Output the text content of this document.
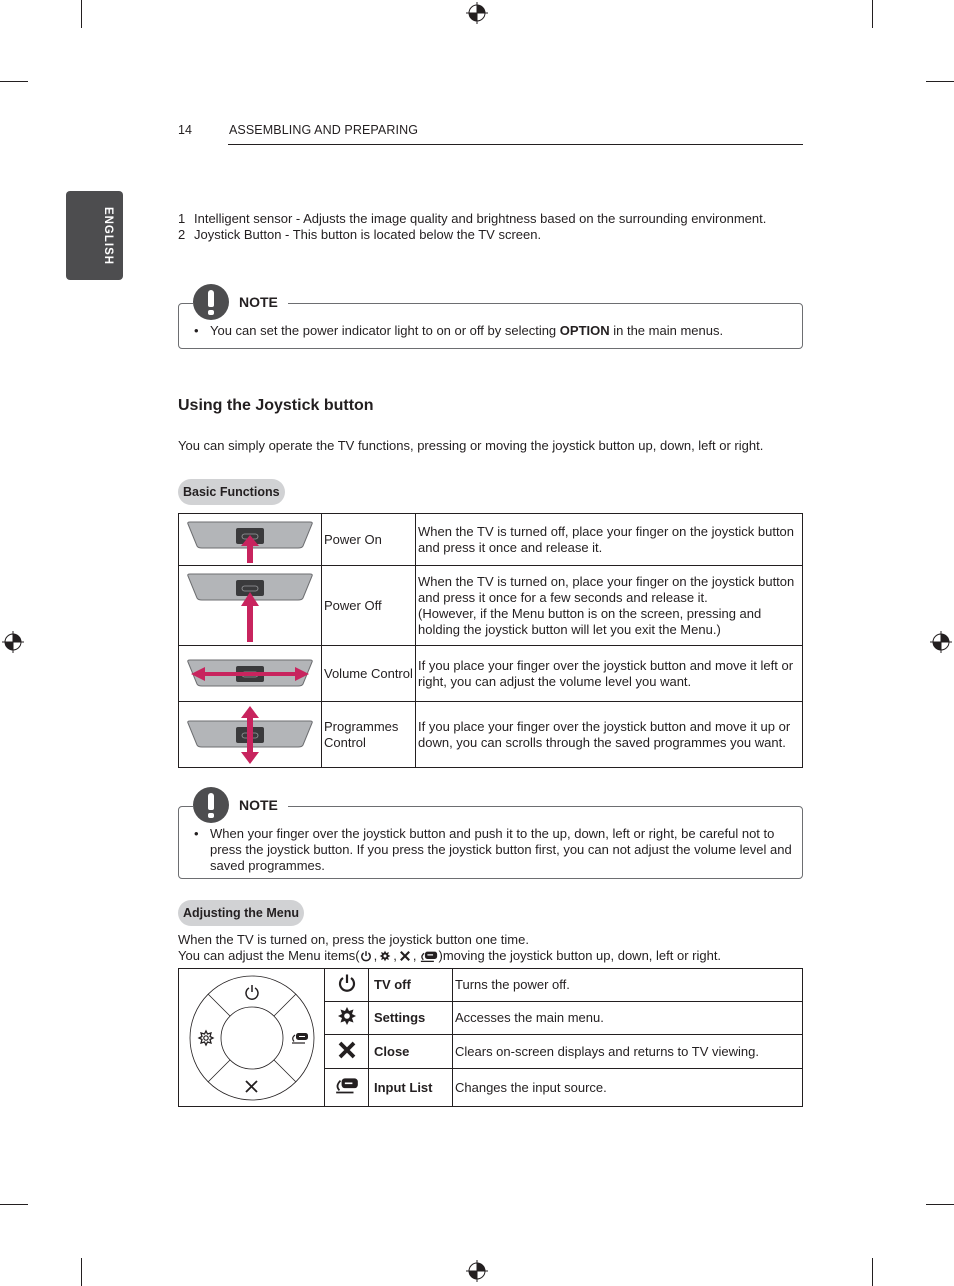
14	ASSEMBLING AND PREPARING
ENGLISH	1 Intelligent sensor - Adjusts the image quality and brightness based on the surrounding environment.
2 Joystick Button - This button is located below the TV screen.
NOTE
• You can set the power indicator light to on or off by selecting OPTION in the main menus.
Using the Joystick button
You can simply operate the TV functions, pressing or moving the joystick button up, down, left or right.
Basic Functions
	Power On	When the TV is turned off, place your finger on the joystick button and press it once and release it.

	Power Off	When the TV is turned on, place your finger on the joystick button and press it once for a few seconds and release it.
(However, if the Menu button is on the screen, pressing and holding the joystick button will let you exit the Menu.)

	Volume Control	If you place your finger over the joystick button and move it left or right, you can adjust the volume level you want.

	Programmes Control	If you place your finger over the joystick button and move it up or down, you can scrolls through the saved programmes you want.
NOTE
• When your finger over the joystick button and push it to the up, down, left or right, be careful not to press the joystick button. If you press the joystick button first, you can not adjust the volume level and saved programmes.
Adjusting the Menu
When the TV is turned on, press the joystick button one time.
You can adjust the Menu items( , , , )moving the joystick button up, down, left or right.
		TV off	Turns the power off.
	Settings	Accesses the main menu.
	Close	Clears on-screen displays and returns to TV viewing.
	Input List	Changes the input source.
